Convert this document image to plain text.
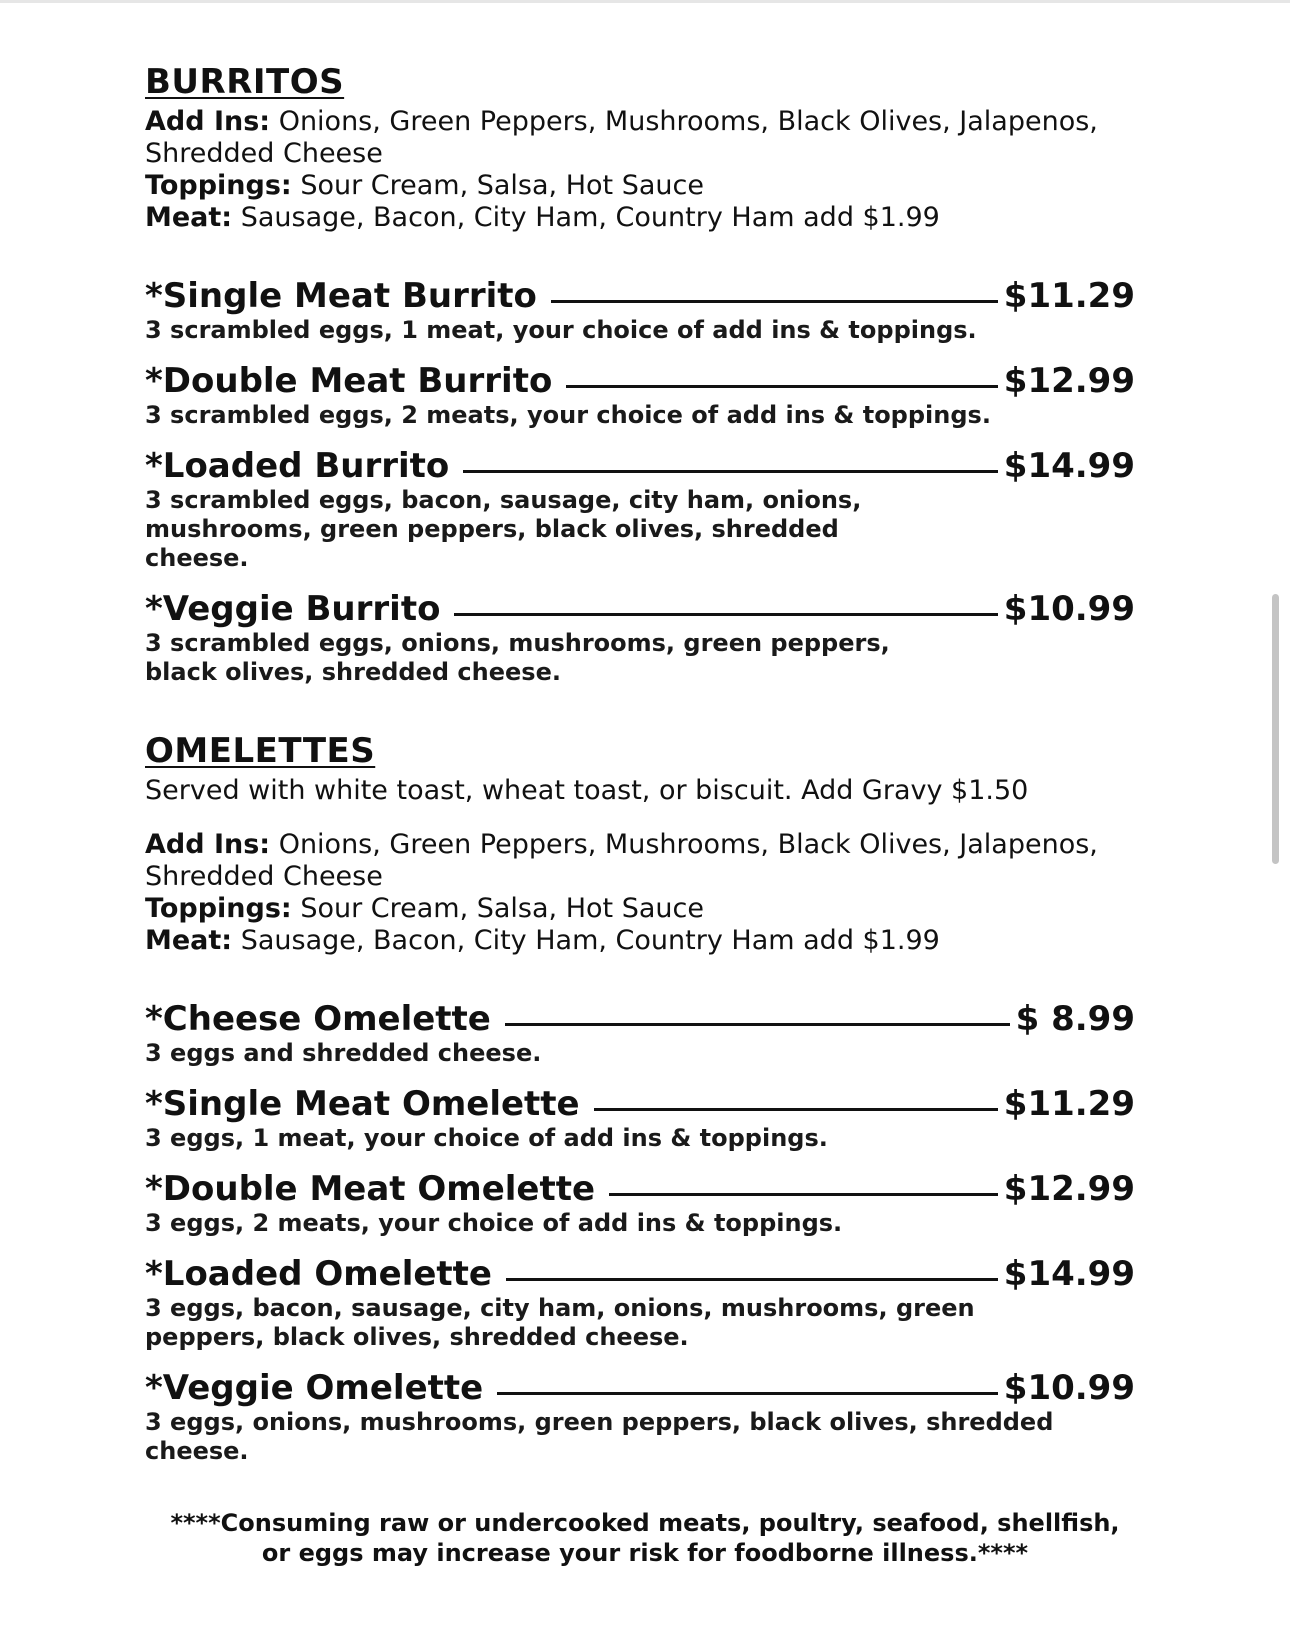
BURRITOS
Add Ins: Onions, Green Peppers, Mushrooms, Black Olives, Jalapenos, Shredded Cheese
Toppings: Sour Cream, Salsa, Hot Sauce
Meat: Sausage, Bacon, City Ham, Country Ham add $1.99
*Single Meat Burrito	$11.29
3 scrambled eggs, 1 meat, your choice of add ins & toppings.
*Double Meat Burrito	$12.99
3 scrambled eggs, 2 meats, your choice of add ins & toppings.
*Loaded Burrito	$14.99
3 scrambled eggs, bacon, sausage, city ham, onions, mushrooms, green peppers, black olives, shredded cheese.
*Veggie Burrito	$10.99
3 scrambled eggs, onions, mushrooms, green peppers, black olives, shredded cheese.
OMELETTES
Served with white toast, wheat toast, or biscuit. Add Gravy $1.50
Add Ins: Onions, Green Peppers, Mushrooms, Black Olives, Jalapenos, Shredded Cheese
Toppings: Sour Cream, Salsa, Hot Sauce
Meat: Sausage, Bacon, City Ham, Country Ham add $1.99
*Cheese Omelette	$ 8.99
3 eggs and shredded cheese.
*Single Meat Omelette	$11.29
3 eggs, 1 meat, your choice of add ins & toppings.
*Double Meat Omelette	$12.99
3 eggs, 2 meats, your choice of add ins & toppings.
*Loaded Omelette	$14.99
3 eggs, bacon, sausage, city ham, onions, mushrooms, green peppers, black olives, shredded cheese.
*Veggie Omelette	$10.99
3 eggs, onions, mushrooms, green peppers, black olives, shredded cheese.
****Consuming raw or undercooked meats, poultry, seafood, shellfish,
or eggs may increase your risk for foodborne illness.****
